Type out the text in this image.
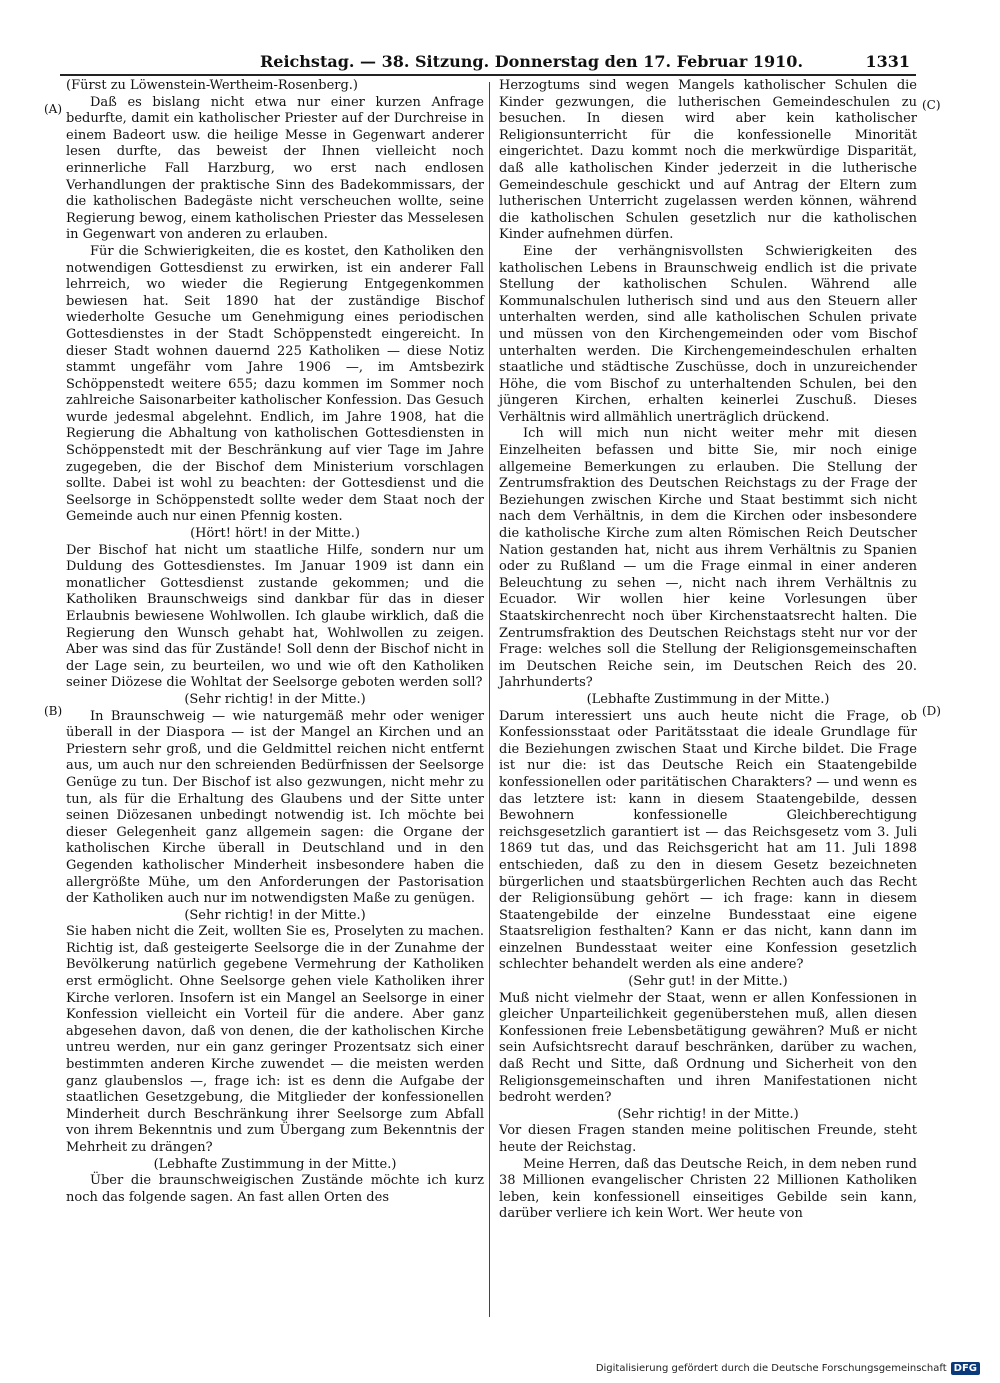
Reichstag. — 38. Sitzung. Donnerstag den 17. Februar 1910.	1331
(A)
(B)
(C)
(D)

(Fürst zu Löwenstein-Wertheim-Rosenberg.)

Daß es bislang nicht etwa nur einer kurzen Anfrage bedurfte, damit ein katholischer Priester auf der Durchreise in einem Badeort usw. die heilige Messe in Gegenwart anderer lesen durfte, das beweist der Ihnen vielleicht noch erinnerliche Fall Harzburg, wo erst nach endlosen Verhandlungen der praktische Sinn des Badekommissars, der die katholischen Badegäste nicht verscheuchen wollte, seine Regierung bewog, einem katholischen Priester das Messelesen in Gegenwart von anderen zu erlauben.

Für die Schwierigkeiten, die es kostet, den Katholiken den notwendigen Gottesdienst zu erwirken, ist ein anderer Fall lehrreich, wo wieder die Regierung Entgegenkommen bewiesen hat. Seit 1890 hat der zuständige Bischof wiederholte Gesuche um Genehmigung eines periodischen Gottesdienstes in der Stadt Schöppenstedt eingereicht. In dieser Stadt wohnen dauernd 225 Katholiken — diese Notiz stammt ungefähr vom Jahre 1906 —, im Amtsbezirk Schöppenstedt weitere 655; dazu kommen im Sommer noch zahlreiche Saisonarbeiter katholischer Konfession. Das Gesuch wurde jedesmal abgelehnt. Endlich, im Jahre 1908, hat die Regierung die Abhaltung von katholischen Gottesdiensten in Schöppenstedt mit der Beschränkung auf vier Tage im Jahre zugegeben, die der Bischof dem Ministerium vorschlagen sollte. Dabei ist wohl zu beachten: der Gottesdienst und die Seelsorge in Schöppenstedt sollte weder dem Staat noch der Gemeinde auch nur einen Pfennig kosten.

(Hört! hört! in der Mitte.)

Der Bischof hat nicht um staatliche Hilfe, sondern nur um Duldung des Gottesdienstes. Im Januar 1909 ist dann ein monatlicher Gottesdienst zustande gekommen; und die Katholiken Braunschweigs sind dankbar für das in dieser Erlaubnis bewiesene Wohlwollen. Ich glaube wirklich, daß die Regierung den Wunsch gehabt hat, Wohlwollen zu zeigen. Aber was sind das für Zustände! Soll denn der Bischof nicht in der Lage sein, zu beurteilen, wo und wie oft den Katholiken seiner Diözese die Wohltat der Seelsorge geboten werden soll?

(Sehr richtig! in der Mitte.)

In Braunschweig — wie naturgemäß mehr oder weniger überall in der Diaspora — ist der Mangel an Kirchen und an Priestern sehr groß, und die Geldmittel reichen nicht entfernt aus, um auch nur den schreienden Bedürfnissen der Seelsorge Genüge zu tun. Der Bischof ist also gezwungen, nicht mehr zu tun, als für die Erhaltung des Glaubens und der Sitte unter seinen Diözesanen unbedingt notwendig ist. Ich möchte bei dieser Gelegenheit ganz allgemein sagen: die Organe der katholischen Kirche überall in Deutschland und in den Gegenden katholischer Minderheit insbesondere haben die allergrößte Mühe, um den Anforderungen der Pastorisation der Katholiken auch nur im notwendigsten Maße zu genügen.

(Sehr richtig! in der Mitte.)

Sie haben nicht die Zeit, wollten Sie es, Proselyten zu machen. Richtig ist, daß gesteigerte Seelsorge die in der Zunahme der Bevölkerung natürlich gegebene Vermehrung der Katholiken erst ermöglicht. Ohne Seelsorge gehen viele Katholiken ihrer Kirche verloren. Insofern ist ein Mangel an Seelsorge in einer Konfession vielleicht ein Vorteil für die andere. Aber ganz abgesehen davon, daß von denen, die der katholischen Kirche untreu werden, nur ein ganz geringer Prozentsatz sich einer bestimmten anderen Kirche zuwendet — die meisten werden ganz glaubenslos —, frage ich: ist es denn die Aufgabe der staatlichen Gesetzgebung, die Mitglieder der konfessionellen Minderheit durch Beschränkung ihrer Seelsorge zum Abfall von ihrem Bekenntnis und zum Übergang zum Bekenntnis der Mehrheit zu drängen?

(Lebhafte Zustimmung in der Mitte.)

Über die braunschweigischen Zustände möchte ich kurz noch das folgende sagen. An fast allen Orten des

Herzogtums sind wegen Mangels katholischer Schulen die Kinder gezwungen, die lutherischen Gemeindeschulen zu besuchen. In diesen wird aber kein katholischer Religionsunterricht für die konfessionelle Minorität eingerichtet. Dazu kommt noch die merkwürdige Disparität, daß alle katholischen Kinder jederzeit in die lutherische Gemeindeschule geschickt und auf Antrag der Eltern zum lutherischen Unterricht zugelassen werden können, während die katholischen Schulen gesetzlich nur die katholischen Kinder aufnehmen dürfen.

Eine der verhängnisvollsten Schwierigkeiten des katholischen Lebens in Braunschweig endlich ist die private Stellung der katholischen Schulen. Während alle Kommunalschulen lutherisch sind und aus den Steuern aller unterhalten werden, sind alle katholischen Schulen private und müssen von den Kirchengemeinden oder vom Bischof unterhalten werden. Die Kirchengemeindeschulen erhalten staatliche und städtische Zuschüsse, doch in unzureichender Höhe, die vom Bischof zu unterhaltenden Schulen, bei den jüngeren Kirchen, erhalten keinerlei Zuschuß. Dieses Verhältnis wird allmählich unerträglich drückend.

Ich will mich nun nicht weiter mehr mit diesen Einzelheiten befassen und bitte Sie, mir noch einige allgemeine Bemerkungen zu erlauben. Die Stellung der Zentrumsfraktion des Deutschen Reichstags zu der Frage der Beziehungen zwischen Kirche und Staat bestimmt sich nicht nach dem Verhältnis, in dem die Kirchen oder insbesondere die katholische Kirche zum alten Römischen Reich Deutscher Nation gestanden hat, nicht aus ihrem Verhältnis zu Spanien oder zu Rußland — um die Frage einmal in einer anderen Beleuchtung zu sehen —, nicht nach ihrem Verhältnis zu Ecuador. Wir wollen hier keine Vorlesungen über Staatskirchenrecht noch über Kirchenstaatsrecht halten. Die Zentrumsfraktion des Deutschen Reichstags steht nur vor der Frage: welches soll die Stellung der Religionsgemeinschaften im Deutschen Reiche sein, im Deutschen Reich des 20. Jahrhunderts?

(Lebhafte Zustimmung in der Mitte.)

Darum interessiert uns auch heute nicht die Frage, ob Konfessionsstaat oder Paritätsstaat die ideale Grundlage für die Beziehungen zwischen Staat und Kirche bildet. Die Frage ist nur die: ist das Deutsche Reich ein Staatengebilde konfessionellen oder paritätischen Charakters? — und wenn es das letztere ist: kann in diesem Staatengebilde, dessen Bewohnern konfessionelle Gleichberechtigung reichsgesetzlich garantiert ist — das Reichsgesetz vom 3. Juli 1869 tut das, und das Reichsgericht hat am 11. Juli 1898 entschieden, daß zu den in diesem Gesetz bezeichneten bürgerlichen und staatsbürgerlichen Rechten auch das Recht der Religionsübung gehört — ich frage: kann in diesem Staatengebilde der einzelne Bundesstaat eine eigene Staatsreligion festhalten? Kann er das nicht, kann dann im einzelnen Bundesstaat weiter eine Konfession gesetzlich schlechter behandelt werden als eine andere?

(Sehr gut! in der Mitte.)

Muß nicht vielmehr der Staat, wenn er allen Konfessionen in gleicher Unparteilichkeit gegenüberstehen muß, allen diesen Konfessionen freie Lebensbetätigung gewähren? Muß er nicht sein Aufsichtsrecht darauf beschränken, darüber zu wachen, daß Recht und Sitte, daß Ordnung und Sicherheit von den Religionsgemeinschaften und ihren Manifestationen nicht bedroht werden?

(Sehr richtig! in der Mitte.)

Vor diesen Fragen standen meine politischen Freunde, steht heute der Reichstag.

Meine Herren, daß das Deutsche Reich, in dem neben rund 38 Millionen evangelischer Christen 22 Millionen Katholiken leben, kein konfessionell einseitiges Gebilde sein kann, darüber verliere ich kein Wort. Wer heute von

Digitalisierung gefördert durch die Deutsche Forschungsgemeinschaft DFG
